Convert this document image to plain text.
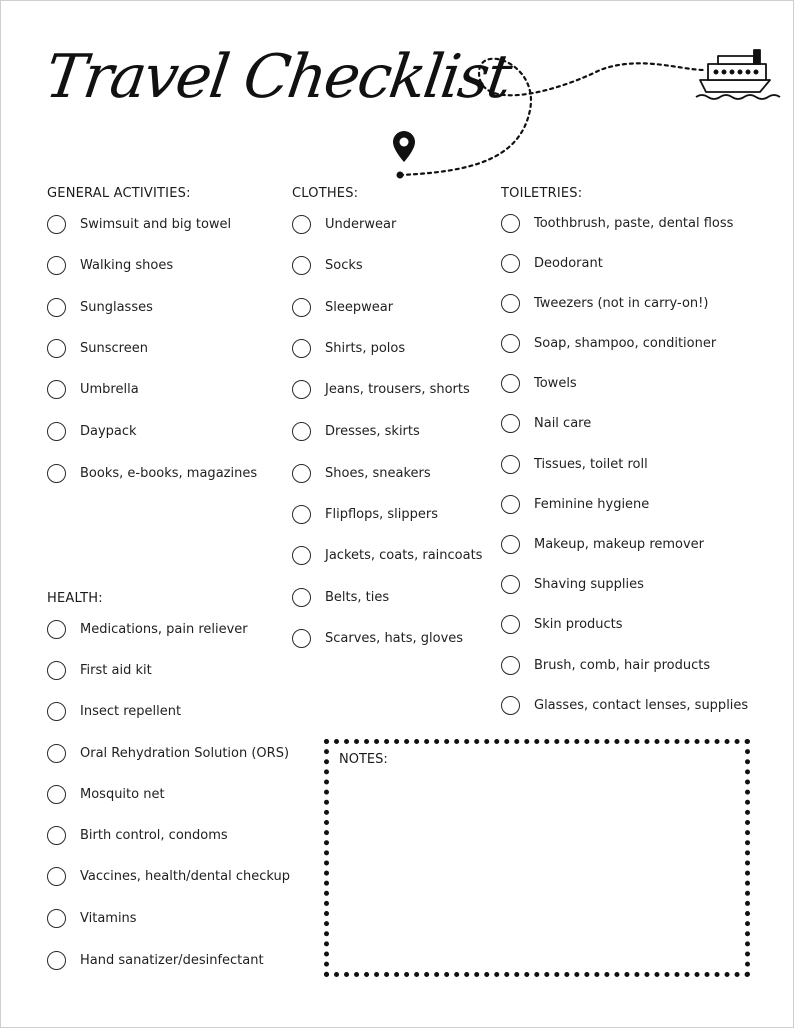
Travel Checklist
GENERAL ACTIVITIES:	CLOTHES:	TOILETRIES:
HEALTH:
Swimsuit and big towel
Walking shoes
Sunglasses
Sunscreen
Umbrella
Daypack
Books, e-books, magazines
Underwear
Socks
Sleepwear
Shirts, polos
Jeans, trousers, shorts
Dresses, skirts
Shoes, sneakers
Flipflops, slippers
Jackets, coats, raincoats
Belts, ties
Scarves, hats, gloves
Toothbrush, paste, dental floss
Deodorant
Tweezers (not in carry-on!)
Soap, shampoo, conditioner
Towels
Nail care
Tissues, toilet roll
Feminine hygiene
Makeup, makeup remover
Shaving supplies
Skin products
Brush, comb, hair products
Glasses, contact lenses, supplies
Medications, pain reliever
First aid kit
Insect repellent
Oral Rehydration Solution (ORS)
Mosquito net
Birth control, condoms
Vaccines, health/dental checkup
Vitamins
Hand sanatizer/desinfectant
NOTES:
